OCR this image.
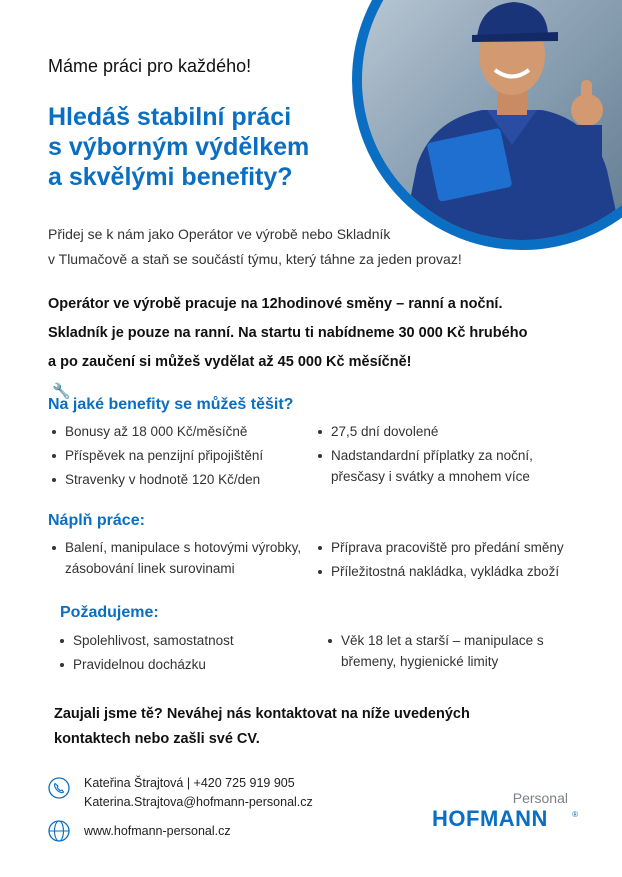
Máme práci pro každého!
Hledáš stabilní práci
s výborným výdělkem
a skvělými benefity?
Přidej se k nám jako Operátor ve výrobě nebo Skladník
v Tlumačově a staň se součástí týmu, který táhne za jeden provaz!
Operátor ve výrobě pracuje na 12hodinové směny – ranní a noční.
Skladník je pouze na ranní. Na startu ti nabídneme 30 000 Kč hrubého
a po zaučení si můžeš vydělat až 45 000 Kč měsíčně!
🔧
Na jaké benefity se můžeš těšit?
Bonusy až 18 000 Kč/měsíčně
Příspěvek na penzijní připojištění
Stravenky v hodnotě 120 Kč/den
27,5 dní dovolené
Nadstandardní příplatky za noční, přesčasy i svátky a mnohem více
Náplň práce:
Balení, manipulace s hotovými výrobky, zásobování linek surovinami
Příprava pracoviště pro předání směny
Příležitostná nakládka, vykládka zboží
Požadujeme:
Spolehlivost, samostatnost
Pravidelnou docházku
Věk 18 let a starší – manipulace s břemeny, hygienické limity
Zaujali jsme tě? Neváhej nás kontaktovat na níže uvedených
kontaktech nebo zašli své CV.
Kateřina Štrajtová | +420 725 919 905
Katerina.Strajtova@hofmann-personal.cz
www.hofmann-personal.cz
Personal
HOFMANN	®
